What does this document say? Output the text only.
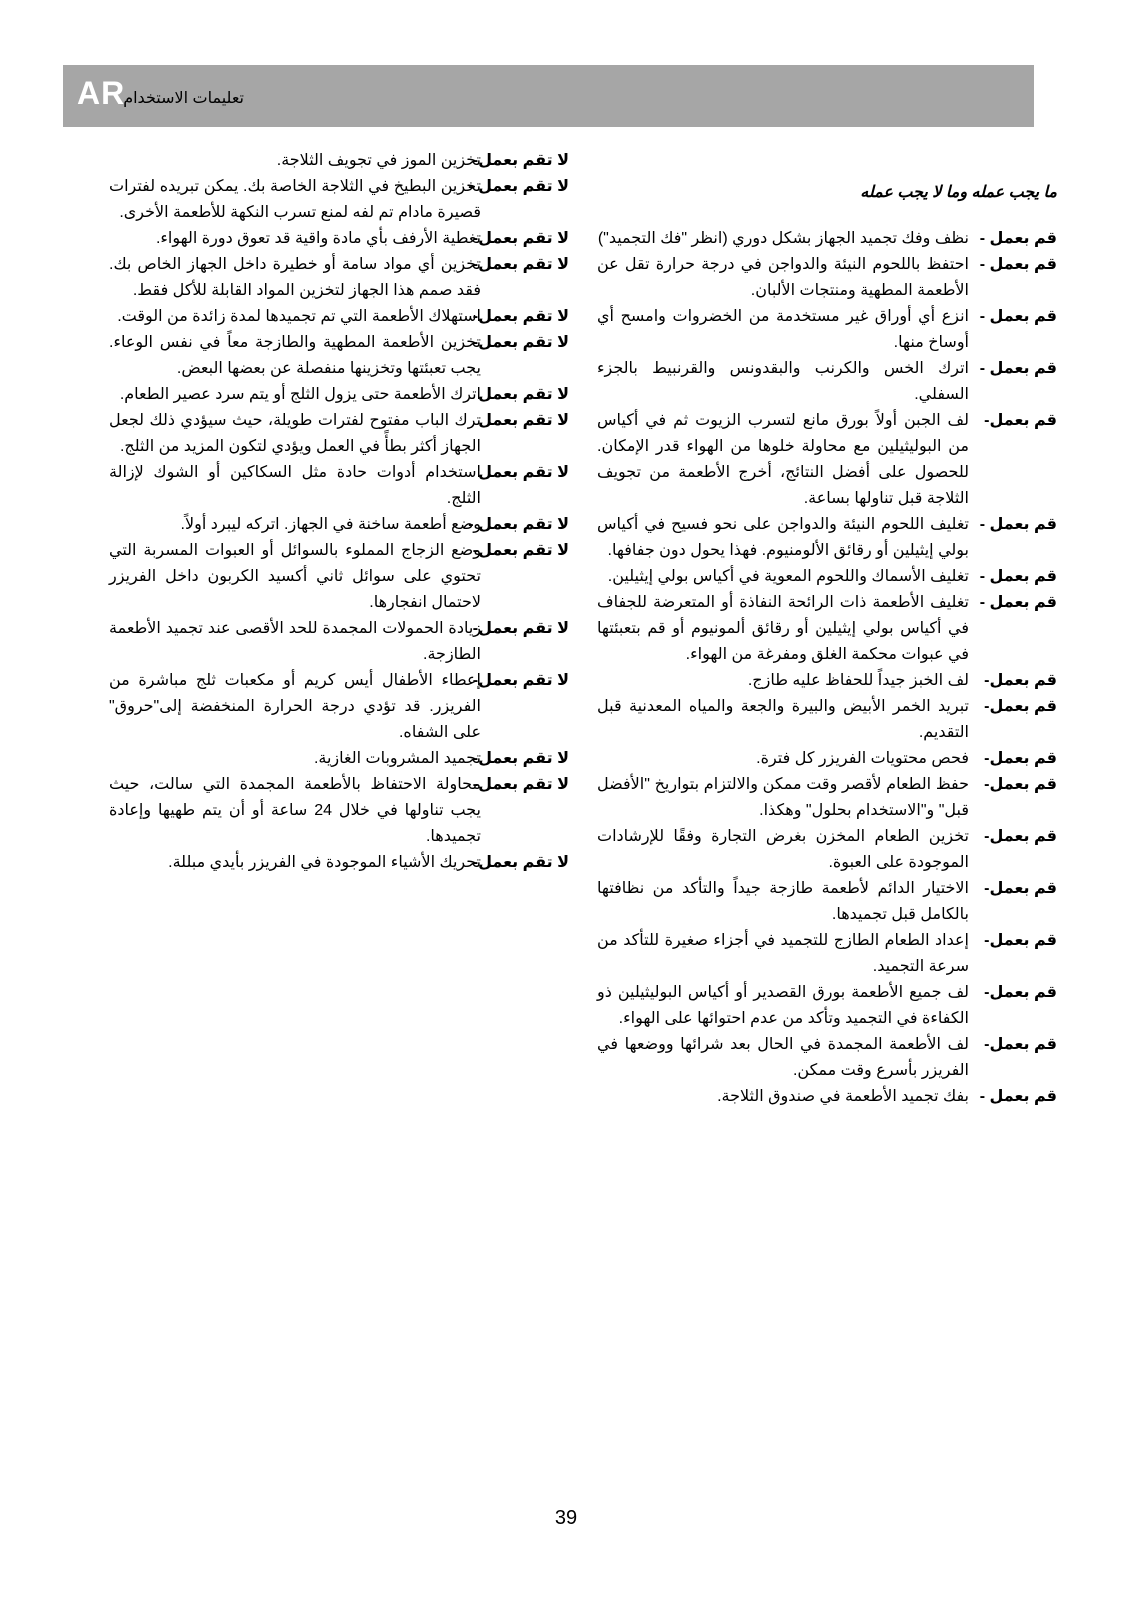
AR
تعليمات الاستخدام

لا تقم بعمل-
تخزين الموز في تجويف الثلاجة.

لا تقم بعمل -
تخزين البطيخ في الثلاجة الخاصة بك. يمكن تبريده لفترات قصيرة مادام تم لفه لمنع تسرب النكهة للأطعمة الأخرى.

لا تقم بعمل-
تغطية الأرفف بأي مادة واقية قد تعوق دورة الهواء.

لا تقم بعمل-
تخزين أي مواد سامة أو خطيرة داخل الجهاز الخاص بك. فقد صمم هذا الجهاز لتخزين المواد القابلة للأكل فقط.

لا تقم بعمل-
استهلاك الأطعمة التي تم تجميدها لمدة زائدة من الوقت.

لا تقم بعمل-
تخزين الأطعمة المطهية والطازجة معاً في نفس الوعاء. يجب تعبئتها وتخزينها منفصلة عن بعضها البعض.

لا تقم بعمل
اترك الأطعمة حتى يزول الثلج أو يتم سرد عصير الطعام.

لا تقم بعمل
ترك الباب مفتوح لفترات طويلة، حيث سيؤدي ذلك لجعل الجهاز أكثر بطأً في العمل ويؤدي لتكون المزيد من الثلج.

لا تقم بعمل
استخدام أدوات حادة مثل السكاكين أو الشوك لإزالة الثلج.

لا تقم بعمل -
وضع أطعمة ساخنة في الجهاز. اتركه ليبرد أولاً.

لا تقم بعمل-
وضع الزجاج المملوء بالسوائل أو العبوات المسربة التي تحتوي على سوائل ثاني أكسيد الكربون داخل الفريزر لاحتمال انفجارها.

لا تقم بعمل-
زيادة الحمولات المجمدة للحد الأقصى عند تجميد الأطعمة الطازجة.

لا تقم بعمل-
إعطاء الأطفال أيس كريم أو مكعبات ثلج مباشرة من الفريزر. قد تؤدي درجة الحرارة المنخفضة إلى"حروق" على الشفاه.

لا تقم بعمل-
تجميد المشروبات الغازية.

لا تقم بعمل-
محاولة الاحتفاظ بالأطعمة المجمدة التي سالت، حيث يجب تناولها في خلال 24 ساعة أو أن يتم طهيها وإعادة تجميدها.

لا تقم بعمل-
تحريك الأشياء الموجودة في الفريزر بأيدي مبللة.

ما يجب عمله وما لا يجب عمله

قم بعمل -
نظف وفك تجميد الجهاز بشكل دوري (انظر "فك التجميد")

قم بعمل -
احتفظ باللحوم النيئة والدواجن في درجة حرارة تقل عن الأطعمة المطهية ومنتجات الألبان.

قم بعمل -
انزع أي أوراق غير مستخدمة من الخضروات وامسح أي أوساخ منها.

قم بعمل -
اترك الخس والكرنب والبقدونس والقرنبيط بالجزء السفلي.

قم بعمل-
لف الجبن أولاً بورق مانع لتسرب الزيوت ثم في أكياس من البوليثيلين مع محاولة خلوها من الهواء قدر الإمكان. للحصول على أفضل النتائج، أخرج الأطعمة من تجويف الثلاجة قبل تناولها بساعة.

قم بعمل -
تغليف اللحوم النيئة والدواجن على نحو فسيح في أكياس بولي إيثيلين أو رقائق الألومنيوم. فهذا يحول دون جفافها.

قم بعمل -
تغليف الأسماك واللحوم المعوية في أكياس بولي إيثيلين.

قم بعمل -
تغليف الأطعمة ذات الرائحة النفاذة أو المتعرضة للجفاف في أكياس بولي إيثيلين أو رقائق ألمونيوم أو قم بتعبئتها في عبوات محكمة الغلق ومفرغة من الهواء.

قم بعمل-
لف الخبز جيداً للحفاظ عليه طازج.

قم بعمل-
تبريد الخمر الأبيض والبيرة والجعة والمياه المعدنية قبل التقديم.

قم بعمل-
فحص محتويات الفريزر كل فترة.

قم بعمل-
حفظ الطعام لأقصر وقت ممكن والالتزام بتواريخ "الأفضل قبل" و"الاستخدام بحلول" وهكذا.

قم بعمل-
تخزين الطعام المخزن بغرض التجارة وفقًا للإرشادات الموجودة على العبوة.

قم بعمل-
الاختيار الدائم لأطعمة طازجة جيداً والتأكد من نظافتها بالكامل قبل تجميدها.

قم بعمل-
إعداد الطعام الطازج للتجميد في أجزاء صغيرة للتأكد من سرعة التجميد.

قم بعمل-
لف جميع الأطعمة بورق القصدير أو أكياس البوليثيلين ذو الكفاءة في التجميد وتأكد من عدم احتوائها على الهواء.

قم بعمل-
لف الأطعمة المجمدة في الحال بعد شرائها ووضعها في الفريزر بأسرع وقت ممكن.

قم بعمل -
بفك تجميد الأطعمة في صندوق الثلاجة.

39
